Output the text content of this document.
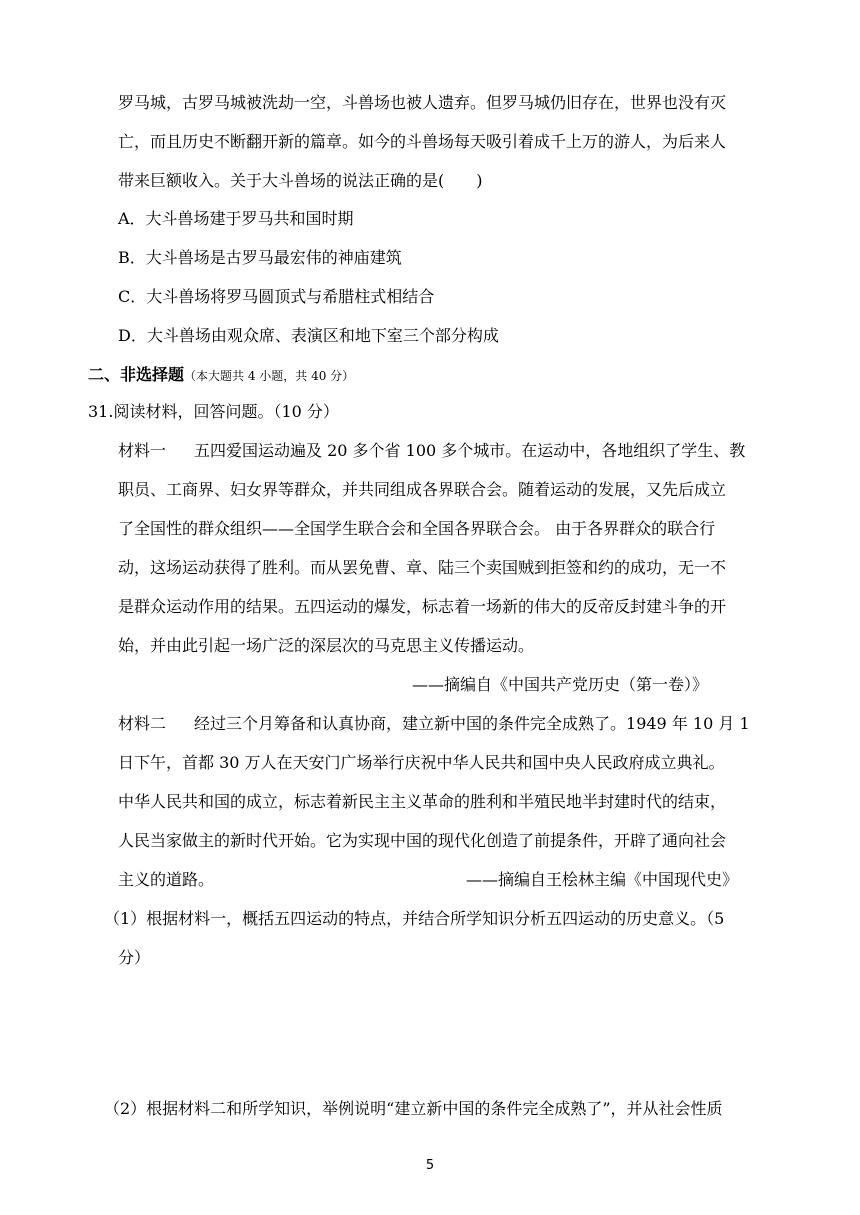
罗马城，古罗马城被洗劫一空，斗兽场也被人遗弃。但罗马城仍旧存在，世界也没有灭
亡，而且历史不断翻开新的篇章。如今的斗兽场每天吸引着成千上万的游人，为后来人
带来巨额收入。关于大斗兽场的说法正确的是(　　)
A．大斗兽场建于罗马共和国时期
B．大斗兽场是古罗马最宏伟的神庙建筑
C．大斗兽场将罗马圆顶式与希腊柱式相结合
D．大斗兽场由观众席、表演区和地下室三个部分构成
二、非选择题（本大题共 4 小题，共 40 分）
31.阅读材料，回答问题。（10 分）
材料一 五四爱国运动遍及 20 多个省 100 多个城市。在运动中，各地组织了学生、教
职员、工商界、妇女界等群众，并共同组成各界联合会。随着运动的发展，又先后成立
了全国性的群众组织——全国学生联合会和全国各界联合会。 由于各界群众的联合行
动，这场运动获得了胜利。而从罢免曹、章、陆三个卖国贼到拒签和约的成功，无一不
是群众运动作用的结果。五四运动的爆发，标志着一场新的伟大的反帝反封建斗争的开
始，并由此引起一场广泛的深层次的马克思主义传播运动。
——摘编自《中国共产党历史（第一卷）》
材料二 经过三个月筹备和认真协商，建立新中国的条件完全成熟了。1949 年 10 月 1
日下午，首都 30 万人在天安门广场举行庆祝中华人民共和国中央人民政府成立典礼。
中华人民共和国的成立，标志着新民主主义革命的胜利和半殖民地半封建时代的结束，
人民当家做主的新时代开始。它为实现中国的现代化创造了前提条件，开辟了通向社会
主义的道路。	——摘编自王桧林主编《中国现代史》
（1）根据材料一，概括五四运动的特点，并结合所学知识分析五四运动的历史意义。（5
分）
（2）根据材料二和所学知识，举例说明“建立新中国的条件完全成熟了”，并从社会性质
5
